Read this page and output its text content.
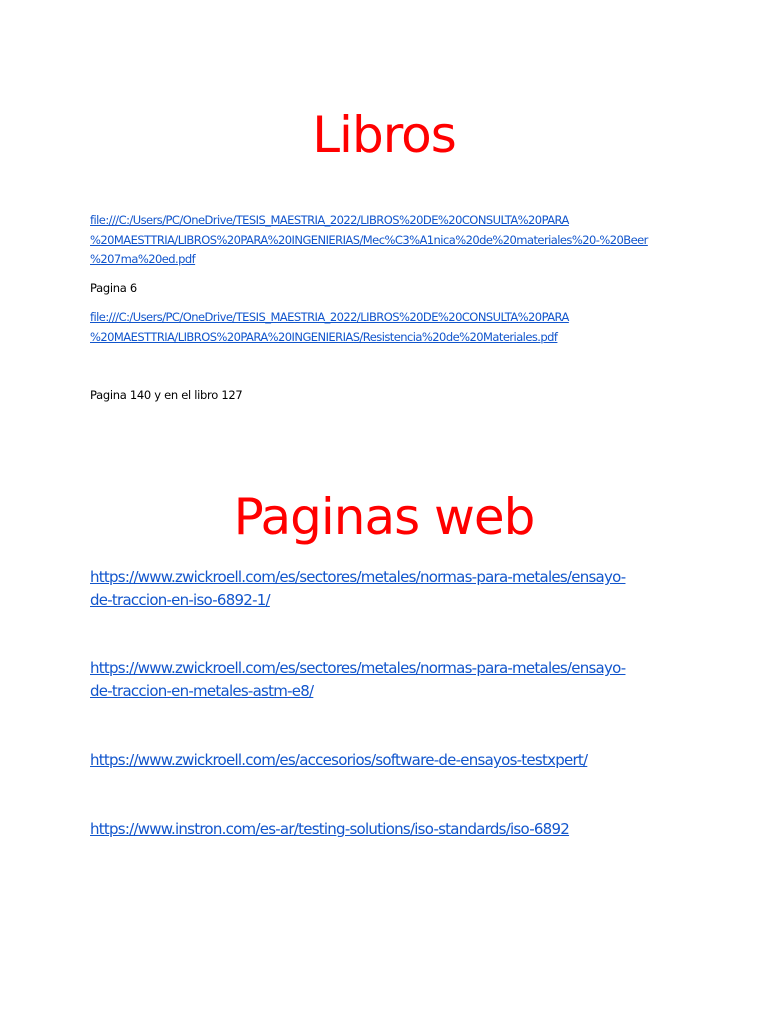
Libros
file:///C:/Users/PC/OneDrive/TESIS_MAESTRIA_2022/LIBROS%20DE%20CONSULTA%20PARA
%20MAESTTRIA/LIBROS%20PARA%20INGENIERIAS/Mec%C3%A1nica%20de%20materiales%20-%20Beer
%207ma%20ed.pdf
Pagina 6
file:///C:/Users/PC/OneDrive/TESIS_MAESTRIA_2022/LIBROS%20DE%20CONSULTA%20PARA
%20MAESTTRIA/LIBROS%20PARA%20INGENIERIAS/Resistencia%20de%20Materiales.pdf
Pagina 140 y en el libro 127
Paginas web
https://www.zwickroell.com/es/sectores/metales/normas-para-metales/ensayo-
de-traccion-en-iso-6892-1/
https://www.zwickroell.com/es/sectores/metales/normas-para-metales/ensayo-
de-traccion-en-metales-astm-e8/
https://www.zwickroell.com/es/accesorios/software-de-ensayos-testxpert/
https://www.instron.com/es-ar/testing-solutions/iso-standards/iso-6892
